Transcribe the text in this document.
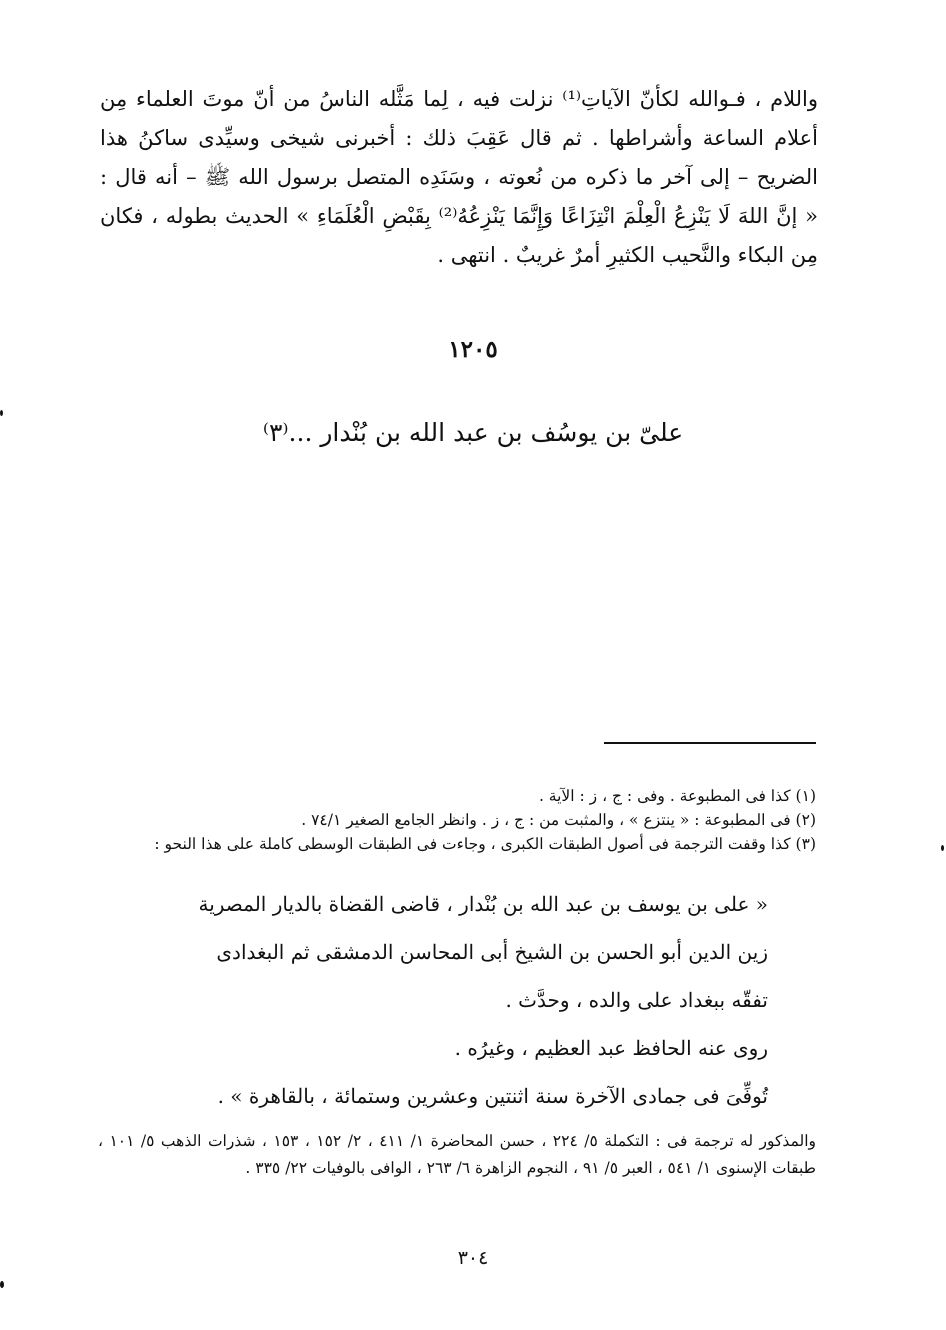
واللام ، فـوالله لكأنّ الآياتِ⁽¹⁾ نزلت فيه ، لِما مَثَّله الناسُ من أنّ موتَ العلماء مِن
أعلام الساعة وأشراطها . ثم قال عَقِبَ ذلك : أخبرنى شيخى وسيِّدى ساكنُ هذا
الضريح – إلى آخر ما ذكره من نُعوته ، وسَنَدِه المتصل برسول الله ﷺ – أنه قال :
« إنَّ اللهَ لَا يَنْزِعُ الْعِلْمَ انْتِزَاعًا وَإِنَّمَا يَنْزِعُهُ⁽²⁾ بِقَبْضِ الْعُلَمَاءِ » الحديث بطوله ، فكان
مِن البكاء والنَّحيب الكثيرِ أمرٌ غريبٌ . انتهى .
١٢٠٥
علىّ بن يوسُف بن عبد الله بن بُنْدار ...⁽٣⁾
(١) كذا فى المطبوعة . وفى : ج ، ز : الآية .
(٢) فى المطبوعة : « ينتزع » ، والمثبت من : ج ، ز . وانظر الجامع الصغير ٧٤/١ .
(٣) كذا وقفت الترجمة فى أصول الطبقات الكبرى ، وجاءت فى الطبقات الوسطى كاملة على هذا النحو :
« على بن يوسف بن عبد الله بن بُنْدار ، قاضى القضاة بالديار المصرية
زين الدين أبو الحسن بن الشيخ أبى المحاسن الدمشقى ثم البغدادى
تفقّه ببغداد على والده ، وحدَّث .
روى عنه الحافظ عبد العظيم ، وغيرُه .
تُوفِّىَ فى جمادى الآخرة سنة اثنتين وعشرين وستمائة ، بالقاهرة » .
والمذكور له ترجمة فى : التكملة ٥/ ٢٢٤ ، حسن المحاضرة ١/ ٤١١ ، ٢/ ١٥٢ ، ١٥٣ ، شذرات الذهب ٥/ ١٠١ ،
طبقات الإسنوى ١/ ٥٤١ ، العبر ٥/ ٩١ ، النجوم الزاهرة ٦/ ٢٦٣ ، الوافى بالوفيات ٢٢/ ٣٣٥ .
٣٠٤
